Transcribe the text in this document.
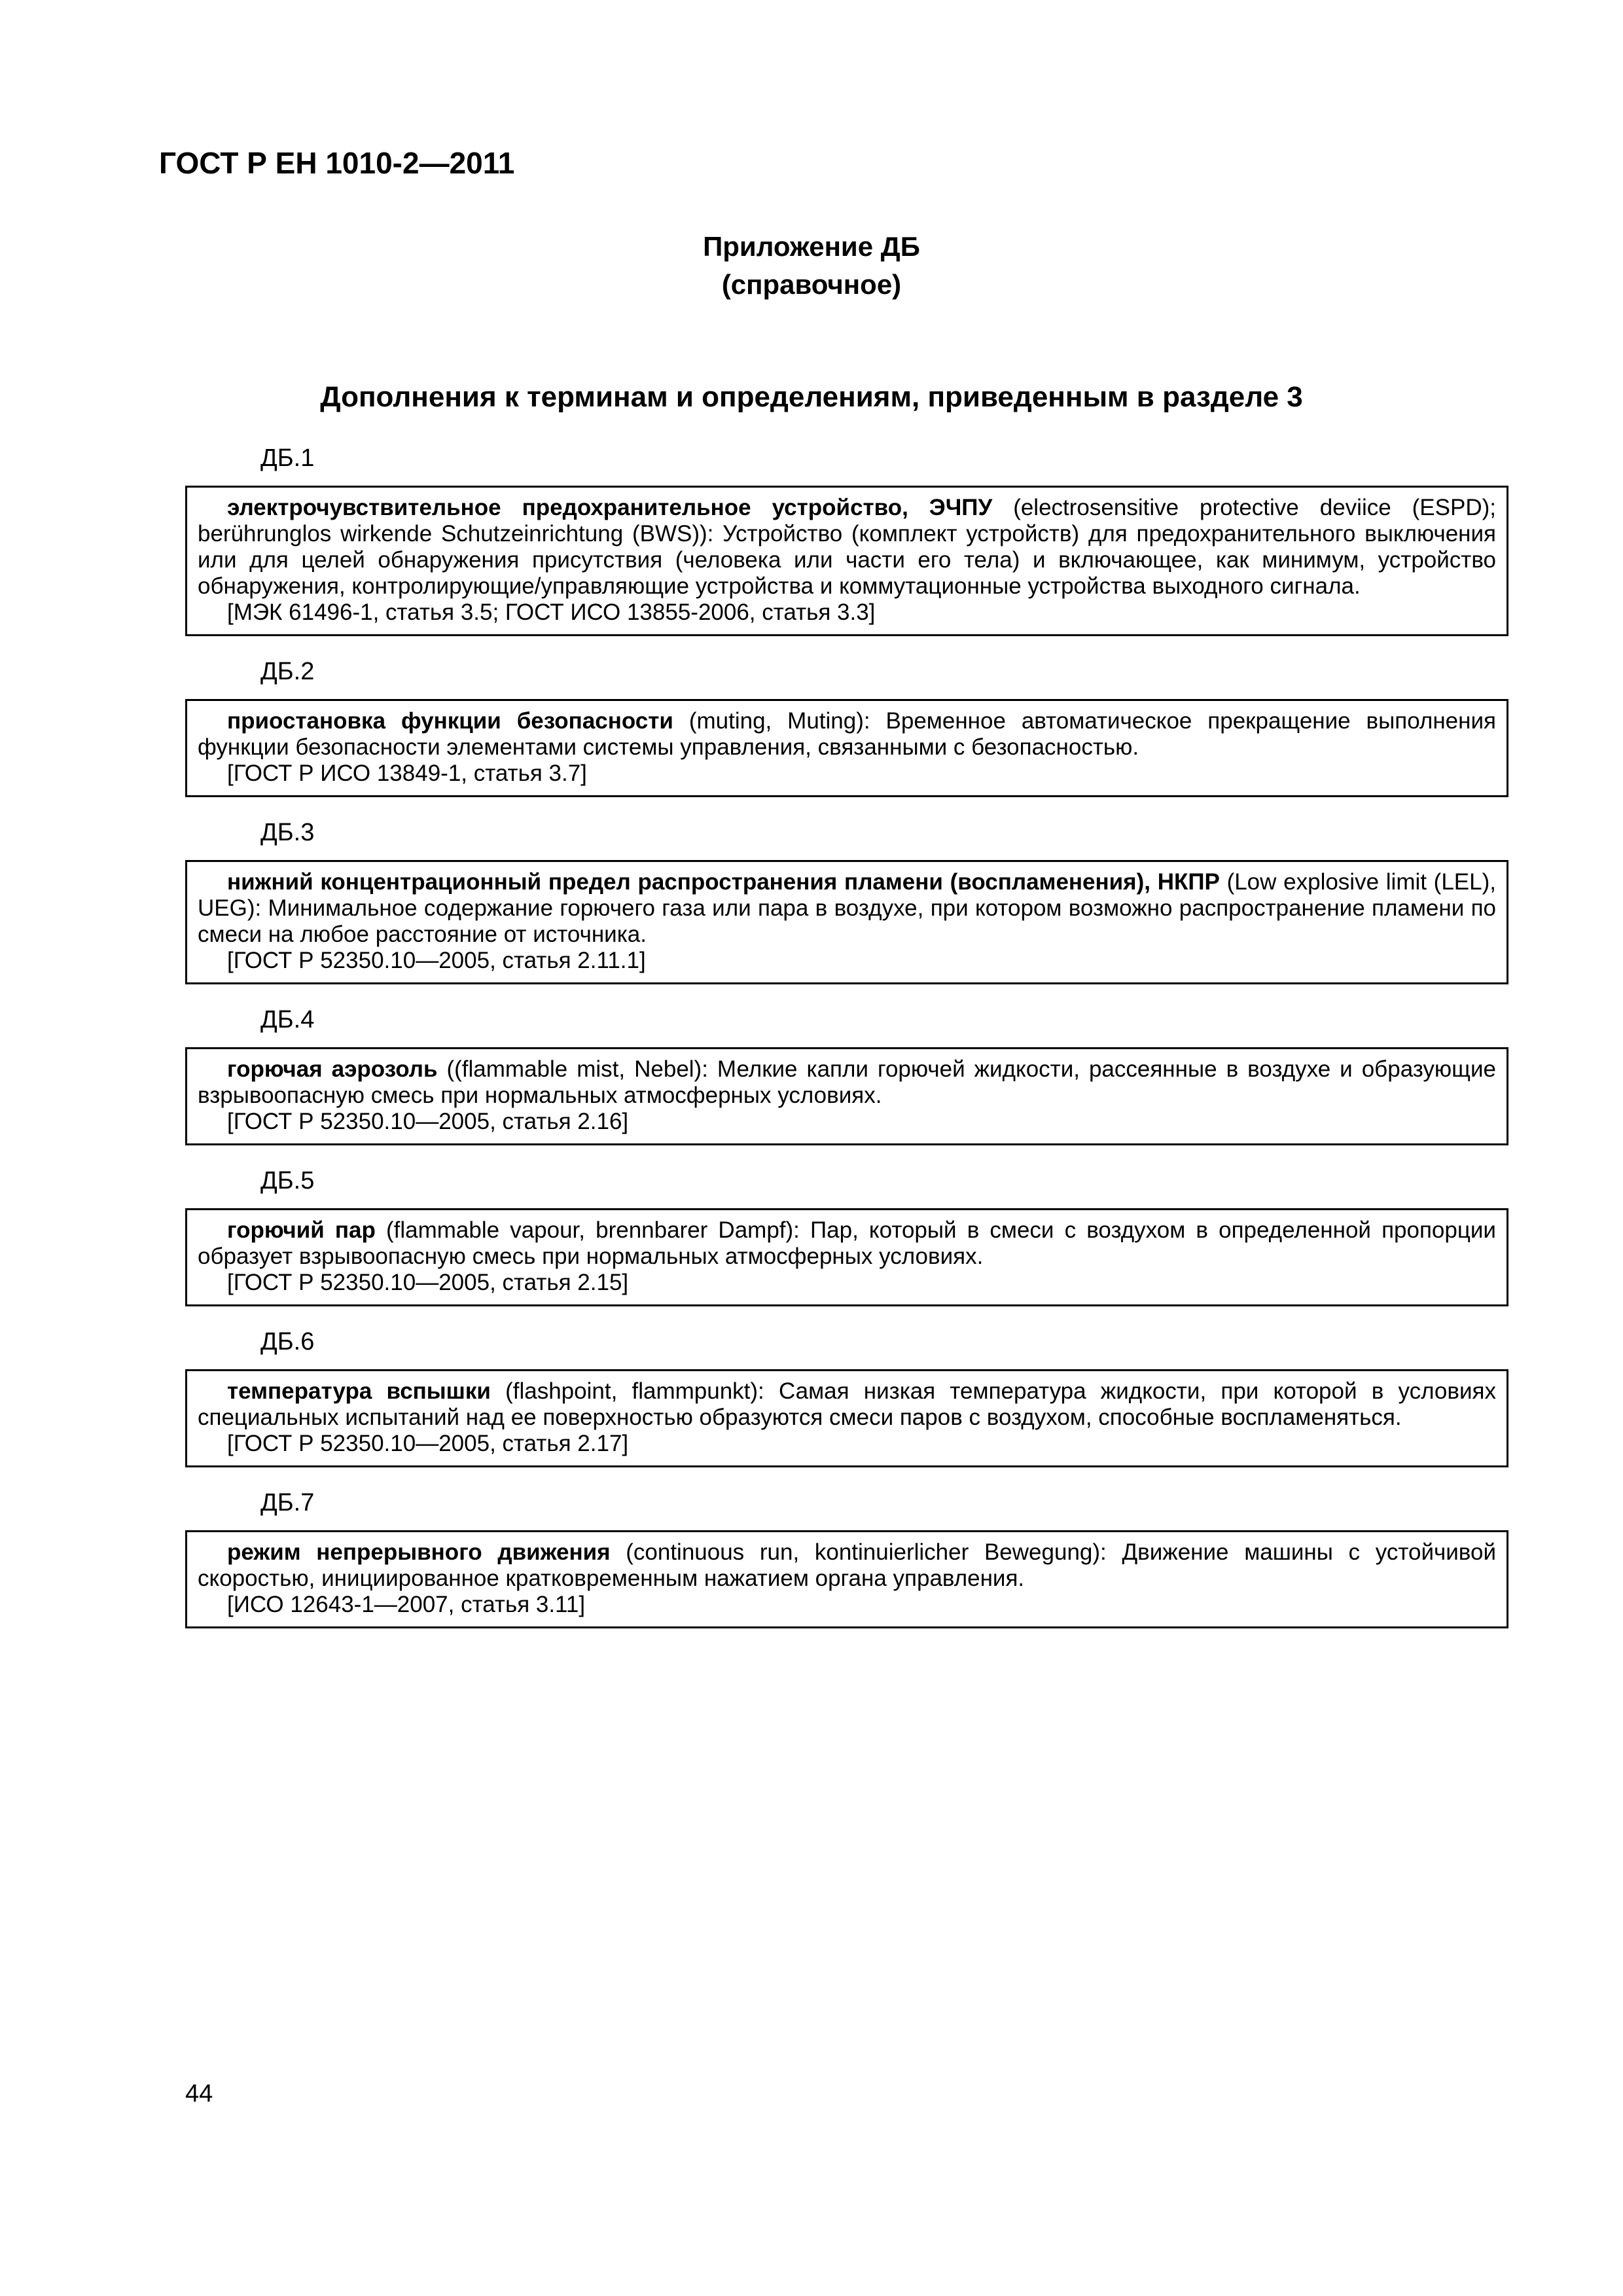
ГОСТ Р ЕН 1010-2—2011
Приложение ДБ
(справочное)
Дополнения к терминам и определениям, приведенным в разделе 3
ДБ.1

электрочувствительное предохранительное устройство, ЭЧПУ (electrosensitive protective deviice (ESPD); berührunglos wirkende Schutzeinrichtung (BWS)): Устройство (комплект устройств) для предохранительного выключения или для целей обнаружения присутствия (человека или части его тела) и включающее, как минимум, устройство обнаружения, контролирующие/управляющие устройства и коммутационные устройства выходного сигнала.

[МЭК 61496-1, статья 3.5; ГОСТ ИСО 13855-2006, статья 3.3]

ДБ.2

приостановка функции безопасности (muting, Muting): Временное автоматическое прекращение выполнения функции безопасности элементами системы управления, связанными с безопасностью.

[ГОСТ Р ИСО 13849-1, статья 3.7]

ДБ.3

нижний концентрационный предел распространения пламени (воспламенения), НКПР (Low explosive limit (LEL), UEG): Минимальное содержание горючего газа или пара в воздухе, при котором возможно распространение пламени по смеси на любое расстояние от источника.

[ГОСТ Р 52350.10—2005, статья 2.11.1]

ДБ.4

горючая аэрозоль ((flammable mist, Nebel): Мелкие капли горючей жидкости, рассеянные в воздухе и образующие взрывоопасную смесь при нормальных атмосферных условиях.

[ГОСТ Р 52350.10—2005, статья 2.16]

ДБ.5

горючий пар (flammable vapour, brennbarer Dampf): Пар, который в смеси с воздухом в определенной пропорции образует взрывоопасную смесь при нормальных атмосферных условиях.

[ГОСТ Р 52350.10—2005, статья 2.15]

ДБ.6

температура вспышки (flashpoint, flammpunkt): Самая низкая температура жидкости, при которой в условиях специальных испытаний над ее поверхностью образуются смеси паров с воздухом, способные воспламеняться.

[ГОСТ Р 52350.10—2005, статья 2.17]

ДБ.7

режим непрерывного движения (continuous run, kontinuierlicher Bewegung): Движение машины с устойчивой скоростью, инициированное кратковременным нажатием органа управления.

[ИСО 12643-1—2007, статья 3.11]

44
